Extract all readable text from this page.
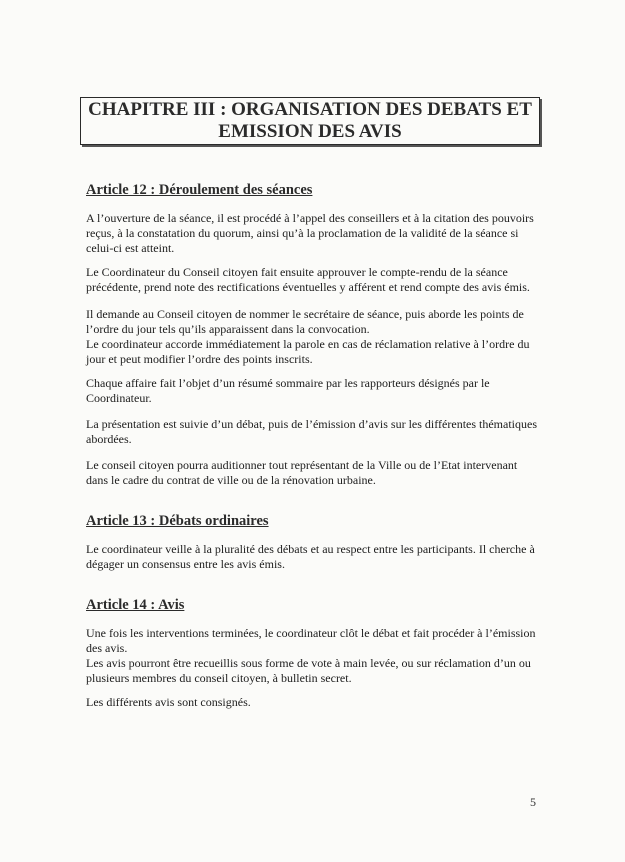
CHAPITRE III : ORGANISATION DES DEBATS ET
EMISSION DES AVIS
Article 12 : Déroulement des séances
A l’ouverture de la séance, il est procédé à l’appel des conseillers et à la citation des pouvoirs
reçus, à la constatation du quorum, ainsi qu’à la proclamation de la validité de la séance si
celui-ci est atteint.
Le Coordinateur du Conseil citoyen fait ensuite approuver le compte-rendu de la séance
précédente, prend note des rectifications éventuelles y afférent et rend compte des avis émis.
Il demande au Conseil citoyen de nommer le secrétaire de séance, puis aborde les points de
l’ordre du jour tels qu’ils apparaissent dans la convocation.
Le coordinateur accorde immédiatement la parole en cas de réclamation relative à l’ordre du
jour et peut modifier l’ordre des points inscrits.
Chaque affaire fait l’objet d’un résumé sommaire par les rapporteurs désignés par le
Coordinateur.
La présentation est suivie d’un débat, puis de l’émission d’avis sur les différentes thématiques
abordées.
Le conseil citoyen pourra auditionner tout représentant de la Ville ou de l’Etat intervenant
dans le cadre du contrat de ville ou de la rénovation urbaine.
Article 13 : Débats ordinaires
Le coordinateur veille à la pluralité des débats et au respect entre les participants. Il cherche à
dégager un consensus entre les avis émis.
Article 14 : Avis
Une fois les interventions terminées, le coordinateur clôt le débat et fait procéder à l’émission
des avis.
Les avis pourront être recueillis sous forme de vote à main levée, ou sur réclamation d’un ou
plusieurs membres du conseil citoyen, à bulletin secret.
Les différents avis sont consignés.
5
